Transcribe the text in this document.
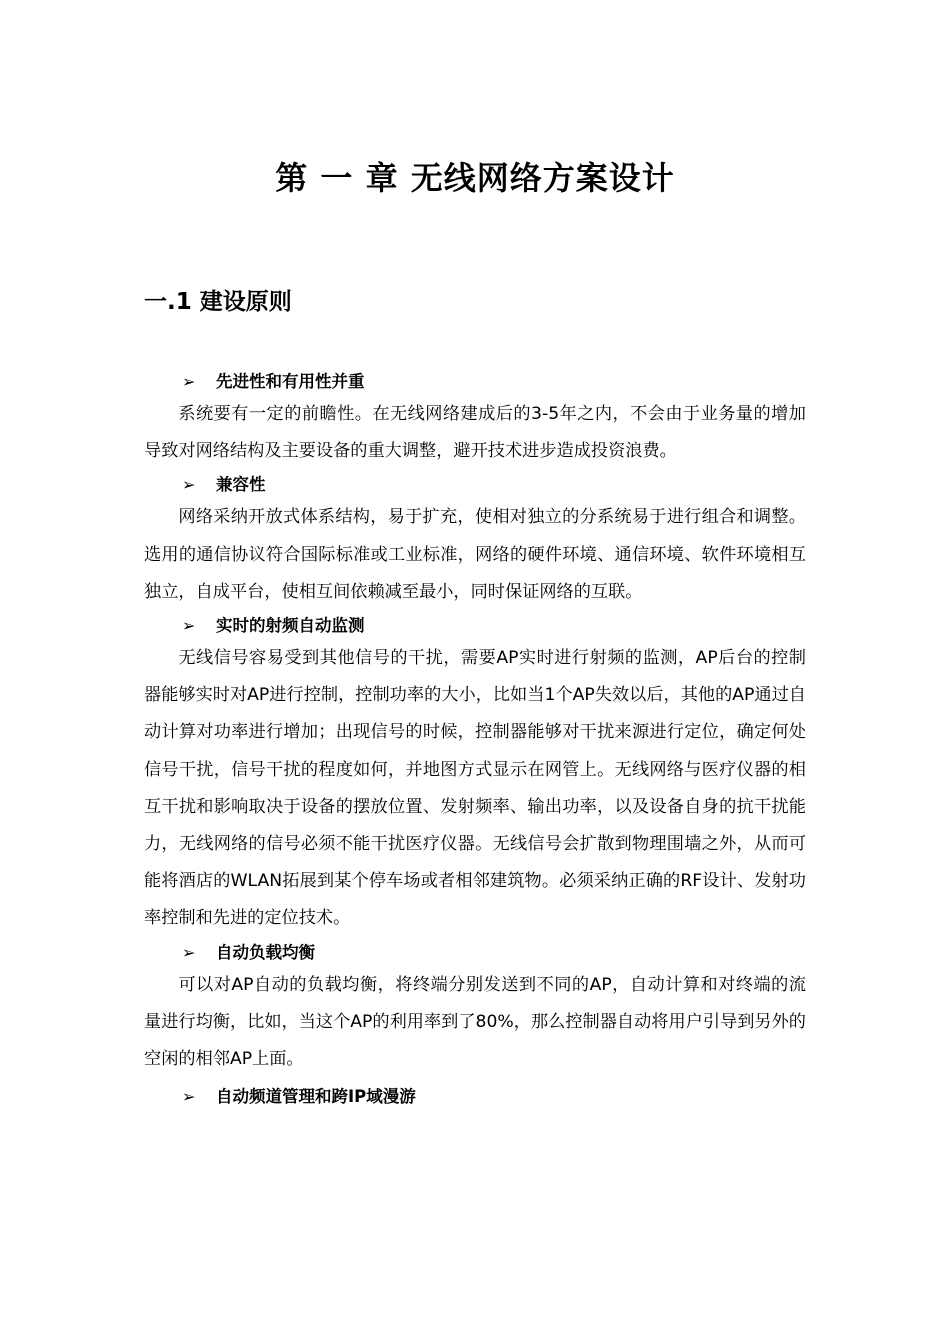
第 一 章 无线网络方案设计
一.1 建设原则
➢	先进性和有用性并重

系统要有一定的前瞻性。在无线网络建成后的3-5年之内，不会由于业务量的增加导致对网络结构及主要设备的重大调整，避开技术进步造成投资浪费。

➢	兼容性

网络采纳开放式体系结构，易于扩充，使相对独立的分系统易于进行组合和调整。选用的通信协议符合国际标准或工业标准，网络的硬件环境、通信环境、软件环境相互独立，自成平台，使相互间依赖减至最小，同时保证网络的互联。

➢	实时的射频自动监测

无线信号容易受到其他信号的干扰，需要AP实时进行射频的监测，AP后台的控制器能够实时对AP进行控制，控制功率的大小，比如当1个AP失效以后，其他的AP通过自动计算对功率进行增加；出现信号的时候，控制器能够对干扰来源进行定位，确定何处信号干扰，信号干扰的程度如何，并地图方式显示在网管上。无线网络与医疗仪器的相互干扰和影响取决于设备的摆放位置、发射频率、输出功率，以及设备自身的抗干扰能力，无线网络的信号必须不能干扰医疗仪器。无线信号会扩散到物理围墙之外，从而可能将酒店的WLAN拓展到某个停车场或者相邻建筑物。必须采纳正确的RF设计、发射功率控制和先进的定位技术。

➢	自动负载均衡

可以对AP自动的负载均衡，将终端分别发送到不同的AP，自动计算和对终端的流量进行均衡，比如，当这个AP的利用率到了80%，那么控制器自动将用户引导到另外的空闲的相邻AP上面。

➢	自动频道管理和跨IP域漫游
